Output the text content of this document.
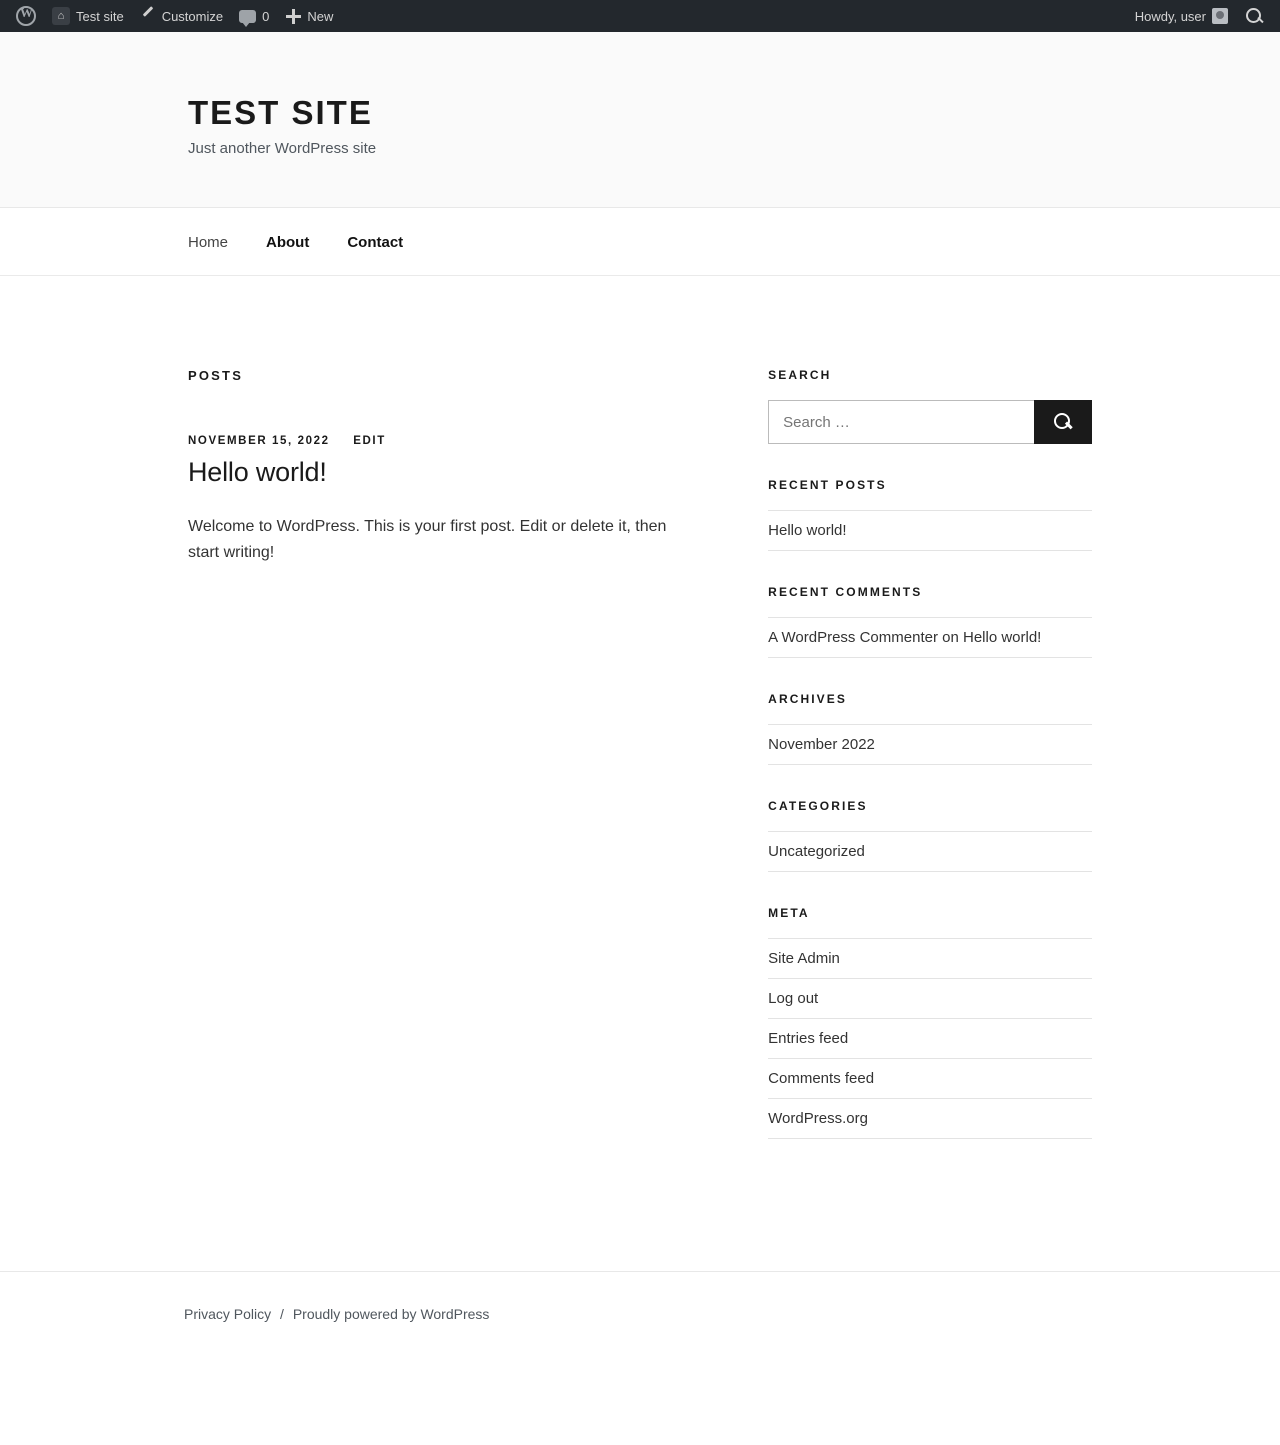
W
⌂ Test site	Customize	0	New	Howdy, user
TEST SITE

Just another WordPress site

Home	About	Contact
POSTS
NOVEMBER 15, 2022 EDIT
Hello world!

Welcome to WordPress. This is your first post. Edit or delete it, then start writing!

SEARCH
Search …
RECENT POSTS
Hello world!
RECENT COMMENTS
A WordPress Commenter on Hello world!
ARCHIVES
November 2022
CATEGORIES
Uncategorized
META
Site Admin
Log out
Entries feed
Comments feed
WordPress.org
Privacy Policy / Proudly powered by WordPress
